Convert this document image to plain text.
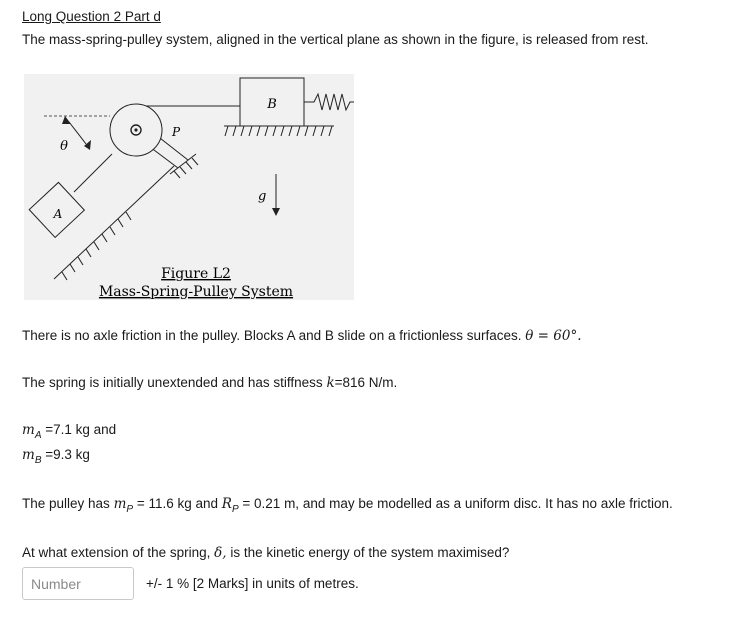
Long Question 2 Part d
The mass-spring-pulley system, aligned in the vertical plane as shown in the figure, is released from rest.
B
A
P
θ
g
Figure L2
Mass-Spring-Pulley System
There is no axle friction in the pulley. Blocks A and B slide on a frictionless surfaces. θ = 60°.
The spring is initially unextended and has stiffness k=816 N/m.
$m_A =7.1$ kg and
$m_B =9.3$ kg
The pulley has $m_P = 11.6$ kg and $R_P = 0.21$ m, and may be modelled as a uniform disc. It has no axle friction.
At what extension of the spring, δ, is the kinetic energy of the system maximised?
Number
+/- 1 % [2 Marks] in units of metres.
